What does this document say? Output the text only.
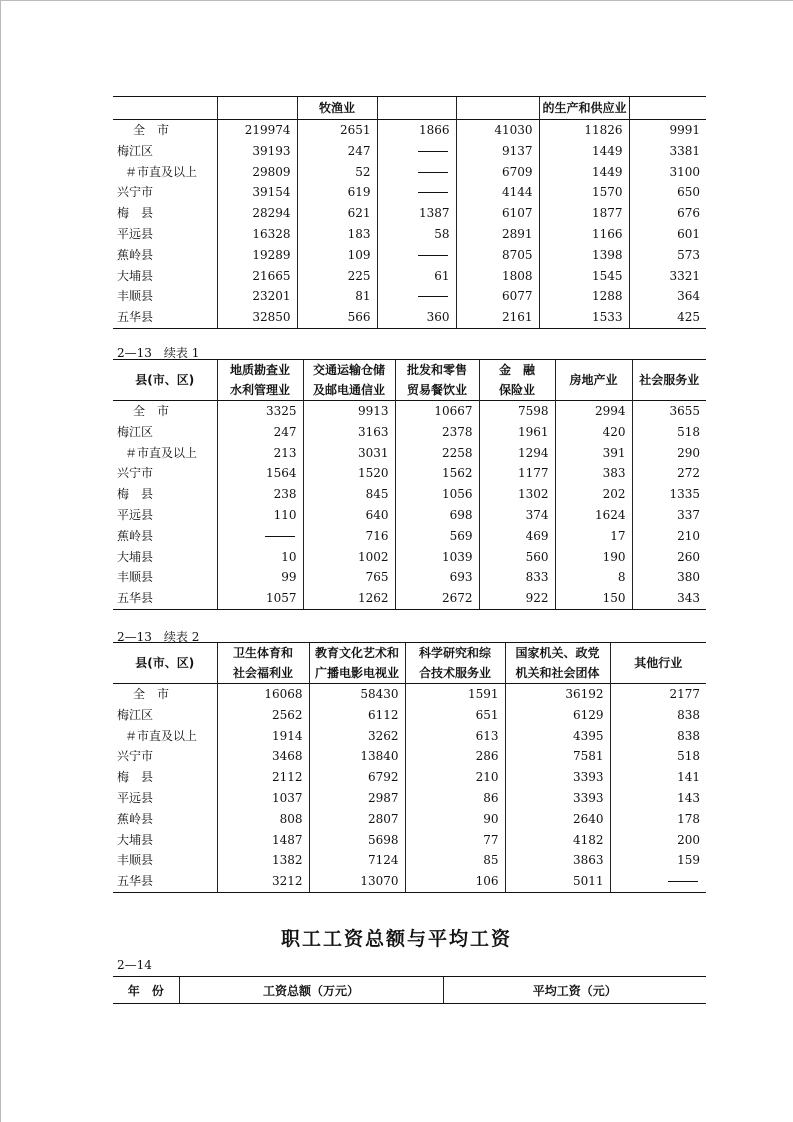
		牧渔业			的生产和供应业	
全　市	219974	2651	1866	41030	11826	9991
梅江区	39193	247		9137	1449	3381
＃市直及以上	29809	52		6709	1449	3100
兴宁市	39154	619		4144	1570	650
梅　县	28294	621	1387	6107	1877	676
平远县	16328	183	58	2891	1166	601
蕉岭县	19289	109		8705	1398	573
大埔县	21665	225	61	1808	1545	3321
丰顺县	23201	81		6077	1288	364
五华县	32850	566	360	2161	1533	425
2—13　续表 1
县(市、区)	地质勘查业	交通运输仓储	批发和零售	金　融	房地产业	社会服务业
	水利管理业	及邮电通信业	贸易餐饮业	保险业		
全　市	3325	9913	10667	7598	2994	3655
梅江区	247	3163	2378	1961	420	518
＃市直及以上	213	3031	2258	1294	391	290
兴宁市	1564	1520	1562	1177	383	272
梅　县	238	845	1056	1302	202	1335
平远县	110	640	698	374	1624	337
蕉岭县		716	569	469	17	210
大埔县	10	1002	1039	560	190	260
丰顺县	99	765	693	833	8	380
五华县	1057	1262	2672	922	150	343
2—13　续表 2
县(市、区)	卫生体育和	教育文化艺术和	科学研究和综	国家机关、政党	其他行业
	社会福利业	广播电影电视业	合技术服务业	机关和社会团体	
全　市	16068	58430	1591	36192	2177
梅江区	2562	6112	651	6129	838
＃市直及以上	1914	3262	613	4395	838
兴宁市	3468	13840	286	7581	518
梅　县	2112	6792	210	3393	141
平远县	1037	2987	86	3393	143
蕉岭县	808	2807	90	2640	178
大埔县	1487	5698	77	4182	200
丰顺县	1382	7124	85	3863	159
五华县	3212	13070	106	5011	
职工工资总额与平均工资
2—14
年　份	工资总额（万元）	平均工资（元）
